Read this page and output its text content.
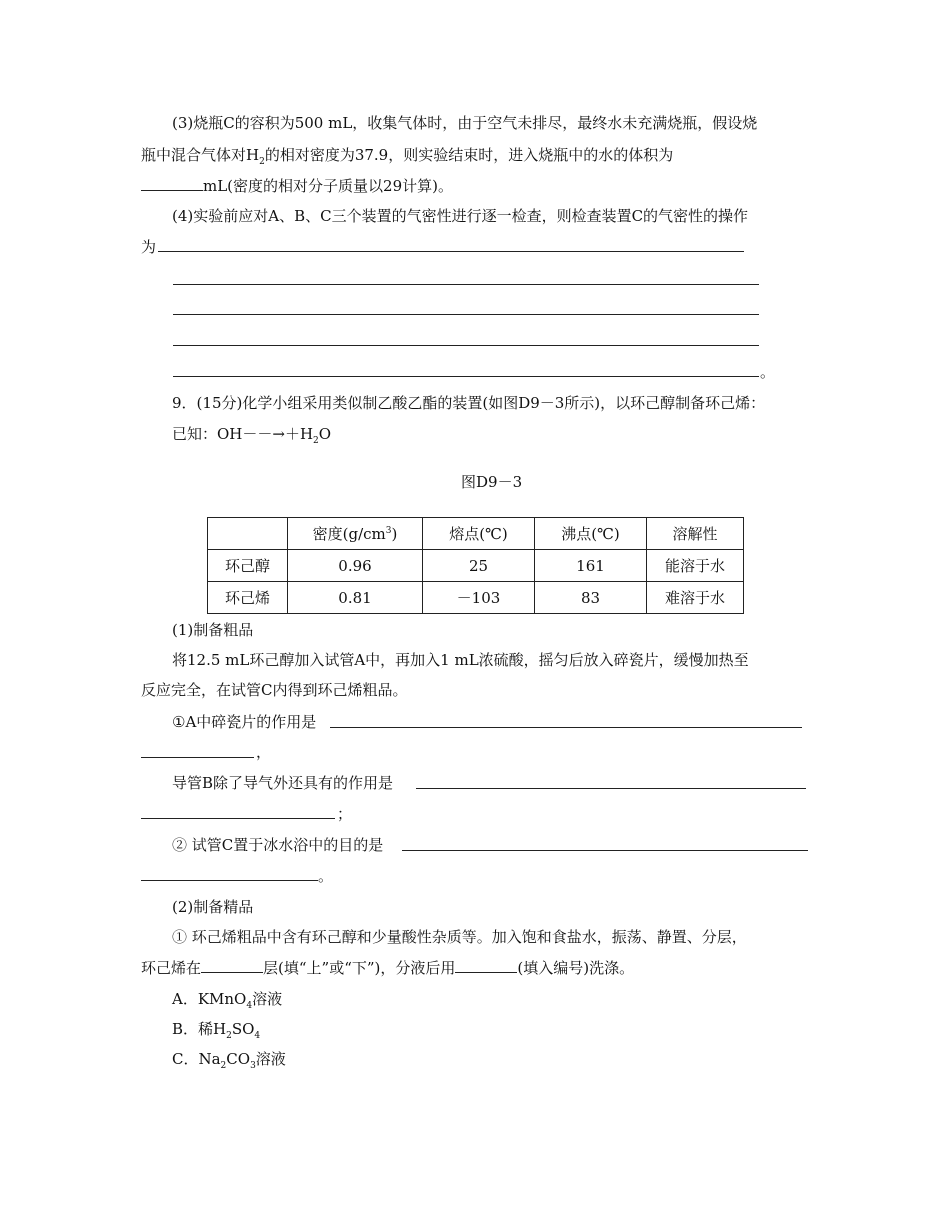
(3)烧瓶C的容积为500 mL，收集气体时，由于空气未排尽，最终水未充满烧瓶，假设烧
瓶中混合气体对$H_2$的相对密度为37.9，则实验结束时，进入烧瓶中的水的体积为
mL(密度的相对分子质量以29计算)。
(4)实验前应对A、B、C三个装置的气密性进行逐一检查，则检查装置C的气密性的操作
为
。
9．(15分)化学小组采用类似制乙酸乙酯的装置(如图D9－3所示)，以环己醇制备环己烯：
已知：$OH--\to+H_2O$
图D9－3
	密度$(g/cm^3)$	熔点(℃)	沸点(℃)	溶解性
环己醇	0.96	25	161	能溶于水
环己烯	0.81	－103	83	难溶于水
(1)制备粗品
将12.5 mL环己醇加入试管A中，再加入1 mL浓硫酸，摇匀后放入碎瓷片，缓慢加热至
反应完全，在试管C内得到环己烯粗品。
①A中碎瓷片的作用是
，
导管B除了导气外还具有的作用是
；
② 试管C置于冰水浴中的目的是
。
(2)制备精品
① 环己烯粗品中含有环己醇和少量酸性杂质等。加入饱和食盐水，振荡、静置、分层，
环己烯在	层(填“上”或“下”)，分液后用	(填入编号)洗涤。
A．KMnO$_4$溶液
B．稀$H_2SO_4$
C．$Na_2CO_3$溶液
